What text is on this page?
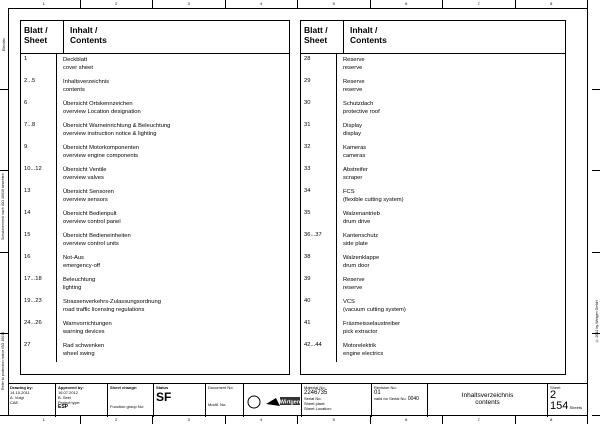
1	2	3	4	5	6	7	8
1	2	3	4	5	6	7	8
Electric
Schutzvermerk nach ISO 16016 beachten
Refer to protection notice ISO 16016
© 2012 by Wirtgen GmbH
Blatt /
Sheet
Inhalt /
Contents
1	Deckblatt
cover sheet
2...5	Inhaltsverzeichnis
contents
6	Übersicht Ortskennzeichen
overview Location designation
7...8	Übersicht Warneinrichtung & Beleuchtung
overview instruction notice & lighting
9	Übersicht Motorkomponenten
overview engine components
10...12	Übersicht Ventile
overview valves
13	Übersicht Sensoren
overview sensors
14	Übersicht Bedienpult
overview control panel
15	Übersicht Bedieneinheiten
overview control units
16	Not-Aus
emergency-off
17...18	Beleuchtung
lighting
19...23	Strassenverkehrs-Zulassungsordnung
road traffic licensing regulations
24...26	Warnvorrichtungen
warning devices
27	Rad schwenken
wheel swing
Blatt /
Sheet
Inhalt /
Contents
28	Reserve
reserve
29	Reserve
reserve
30	Schutzdach
protective roof
31	Display
display
32	Kameras
cameras
33	Abstreifer
scraper
34	FCS
(flexible cutting system)
35	Walzenantrieb
drum drive
36...37	Kantenschutz
side plate
38	Walzenklappe
drum door
39	Reserve
reserve
40	VCS
(vacuum cutting system)
41	Fräsmeisselaustreiber
pick extractor
42...44	Motorelektrik
engine electrics
Drawing by:
14.10.2011
A. Voigt
CAE
Approved by:
16.07.2012
B. Seel
Project type:
ESP
Sheet change:
Function group No:
Status
SF
Document No:
Modif. No:	Wirtgen
Material No:
2246735
Serial No:
Sheet plant:
Sheet Location:
Revision No:
01
valid for Serial No. 0040	Inhaltsverzeichnis
contents
Sheet
2
154 Sheets
